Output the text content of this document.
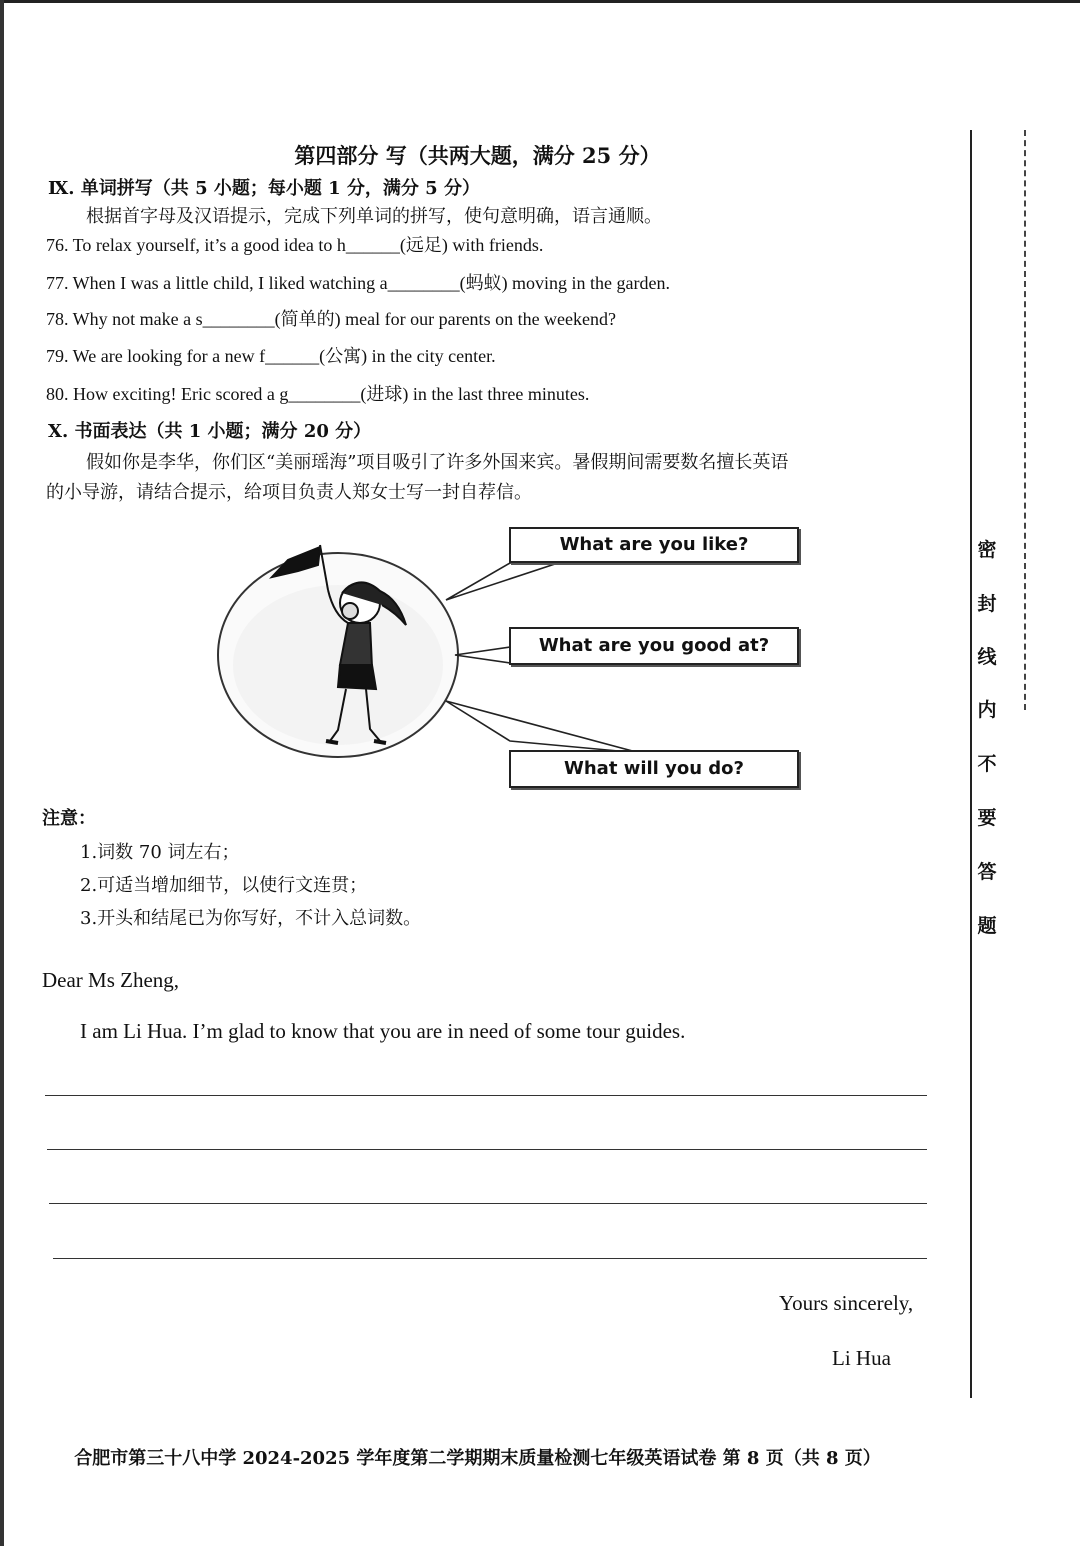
第四部分 写（共两大题，满分 25 分）
Ⅸ. 单词拼写（共 5 小题；每小题 1 分，满分 5 分）
根据首字母及汉语提示，完成下列单词的拼写，使句意明确，语言通顺。
76. To relax yourself, it’s a good idea to h______(远足) with friends.
77. When I was a little child, I liked watching a________(蚂蚁) moving in the garden.
78. Why not make a s________(简单的) meal for our parents on the weekend?
79. We are looking for a new f______(公寓) in the city center.
80. How exciting! Eric scored a g________(进球) in the last three minutes.
Ⅹ. 书面表达（共 1 小题；满分 20 分）
假如你是李华，你们区“美丽瑶海”项目吸引了许多外国来宾。暑假期间需要数名擅长英语
的小导游，请结合提示，给项目负责人郑女士写一封自荐信。
What are you like?
What are you good at?
What will you do?
注意：
1.词数 70 词左右；
2.可适当增加细节，以使行文连贯；
3.开头和结尾已为你写好，不计入总词数。
Dear Ms Zheng,
I am Li Hua. I’m glad to know that you are in need of some tour guides.
Yours sincerely,
Li Hua
密
封
线
内
不
要
答
题
合肥市第三十八中学 2024-2025 学年度第二学期期末质量检测七年级英语试卷 第 8 页（共 8 页）
